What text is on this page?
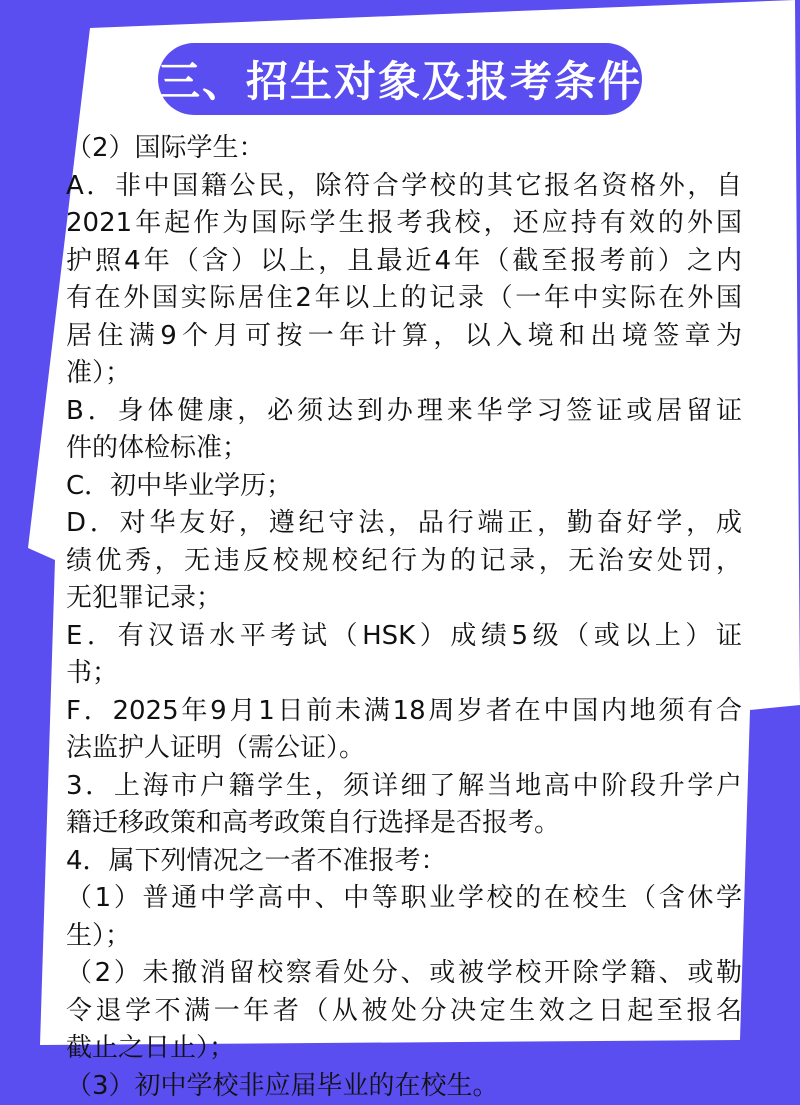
三、招生对象及报考条件
（2）国际学生：
A．非中国籍公民，除符合学校的其它报名资格外，自
2021年起作为国际学生报考我校，还应持有效的外国
护照4年（含）以上，且最近4年（截至报考前）之内
有在外国实际居住2年以上的记录（一年中实际在外国
居住满9个月可按一年计算，以入境和出境签章为
准）；
B．身体健康，必须达到办理来华学习签证或居留证
件的体检标准；
C．初中毕业学历；
D．对华友好，遵纪守法，品行端正，勤奋好学，成
绩优秀，无违反校规校纪行为的记录，无治安处罚，
无犯罪记录；
E．有汉语水平考试（HSK）成绩5级（或以上）证
书；
F．2025年9月1日前未满18周岁者在中国内地须有合
法监护人证明（需公证）。
3．上海市户籍学生，须详细了解当地高中阶段升学户
籍迁移政策和高考政策自行选择是否报考。
4．属下列情况之一者不准报考：
（1）普通中学高中、中等职业学校的在校生（含休学
生）；
（2）未撤消留校察看处分、或被学校开除学籍、或勒
令退学不满一年者（从被处分决定生效之日起至报名
截止之日止）；
（3）初中学校非应届毕业的在校生。
